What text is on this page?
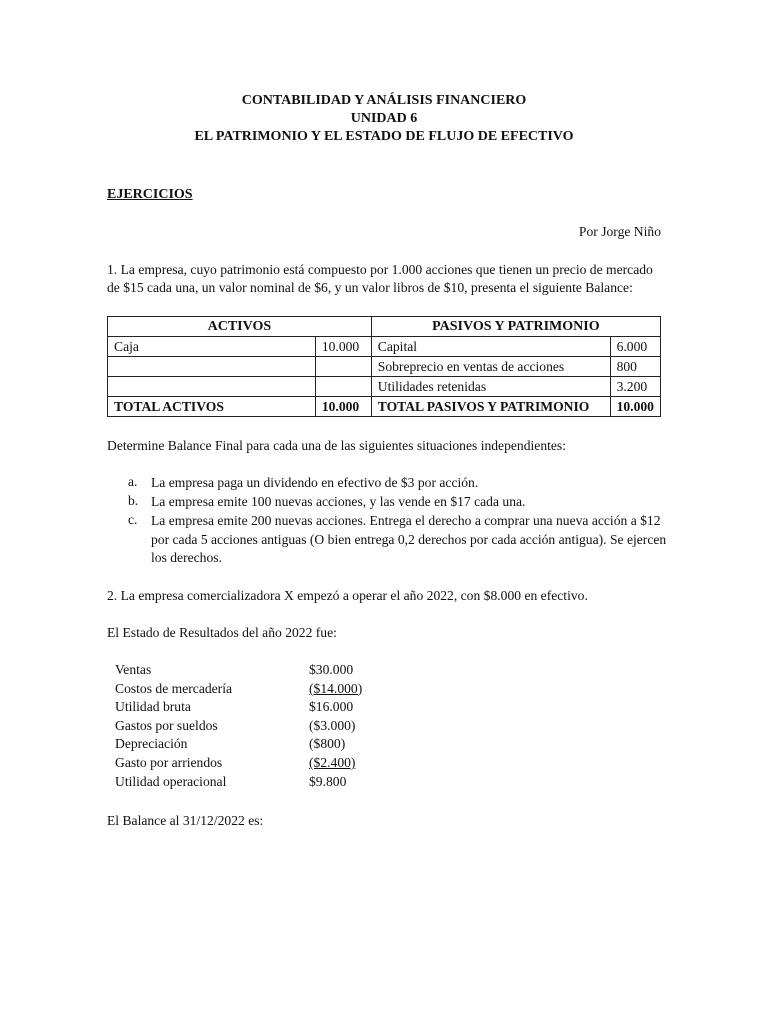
CONTABILIDAD Y ANÁLISIS FINANCIERO
UNIDAD 6
EL PATRIMONIO Y EL ESTADO DE FLUJO DE EFECTIVO
EJERCICIOS
Por Jorge Niño
1. La empresa, cuyo patrimonio está compuesto por 1.000 acciones que tienen un precio de mercado
de $15 cada una, un valor nominal de $6, y un valor libros de $10, presenta el siguiente Balance:
ACTIVOS		PASIVOS Y PATRIMONIO	
Caja	10.000	Capital	6.000
		Sobreprecio en ventas de acciones	800
		Utilidades retenidas	3.200
TOTAL ACTIVOS	10.000	TOTAL PASIVOS Y PATRIMONIO	10.000
Determine Balance Final para cada una de las siguientes situaciones independientes:
a. La empresa paga un dividendo en efectivo de $3 por acción.
b. La empresa emite 100 nuevas acciones, y las vende en $17 cada una.
c. La empresa emite 200 nuevas acciones. Entrega el derecho a comprar una nueva acción a $12 por cada 5 acciones antiguas (O bien entrega 0,2 derechos por cada acción antigua). Se ejercen los derechos.
2. La empresa comercializadora X empezó a operar el año 2022, con $8.000 en efectivo.
El Estado de Resultados del año 2022 fue:
Ventas	$30.000
Costos de mercadería	($14.000)
Utilidad bruta	$16.000
Gastos por sueldos	($3.000)
Depreciación	($800)
Gasto por arriendos	($2.400)
Utilidad operacional	$9.800
El Balance al 31/12/2022 es:
